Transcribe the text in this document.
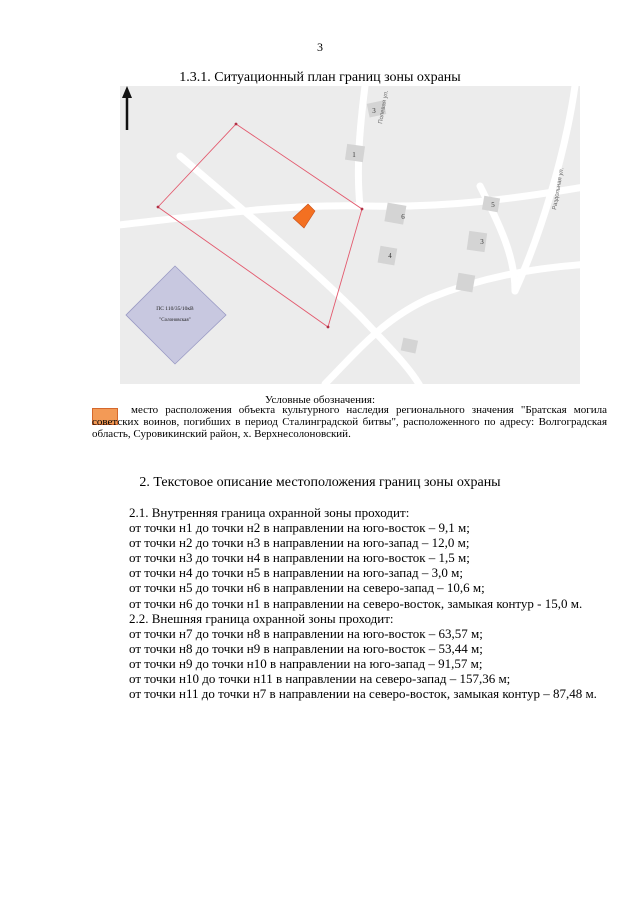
3
1.3.1. Ситуационный план границ зоны охраны
3
1
6
5
4
3
Полевая ул.
Раздольная ул.
ПС 110/35/10кВ
"Солоновская"
Условные обозначения:

место расположения объекта культурного наследия регионального значения "Братская могила советских воинов, погибших в период Сталинградской битвы", расположенного по адресу: Волгоградская область, Суровикинский район, х. Верхнесолоновский.

2. Текстовое описание местоположения границ зоны охраны

2.1. Внутренняя граница охранной зоны проходит:

от точки н1 до точки н2 в направлении на юго-восток – 9,1 м;

от точки н2 до точки н3 в направлении на юго-запад – 12,0 м;

от точки н3 до точки н4 в направлении на юго-восток – 1,5 м;

от точки н4 до точки н5 в направлении на юго-запад – 3,0 м;

от точки н5 до точки н6 в направлении на северо-запад – 10,6 м;

от точки н6 до точки н1 в направлении на северо-восток, замыкая контур - 15,0 м.

2.2. Внешняя граница охранной зоны проходит:

от точки н7 до точки н8 в направлении на юго-восток – 63,57 м;

от точки н8 до точки н9 в направлении на юго-восток – 53,44 м;

от точки н9 до точки н10 в направлении на юго-запад – 91,57 м;

от точки н10 до точки н11 в направлении на северо-запад – 157,36 м;

от точки н11 до точки н7 в направлении на северо-восток, замыкая контур – 87,48 м.
